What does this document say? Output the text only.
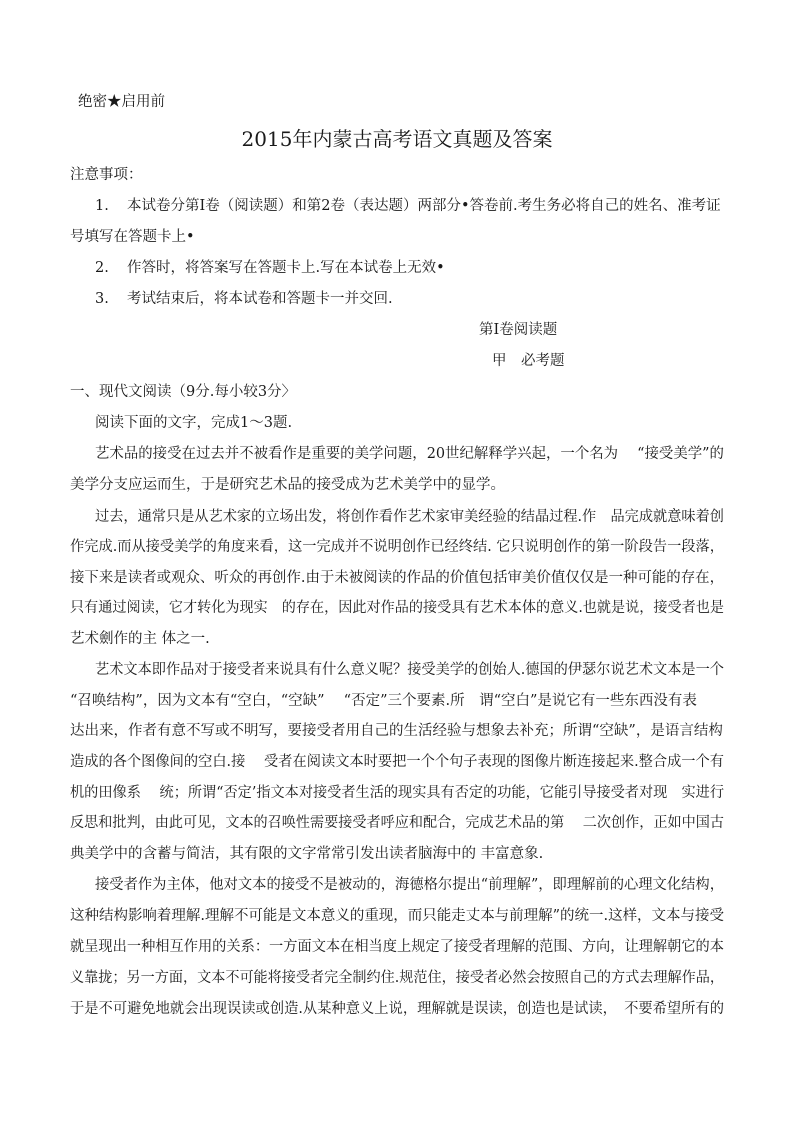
绝密★启用前
2015年内蒙古高考语文真题及答案
注意事项：
1. 本试卷分第Ⅰ卷（阅读题）和第2卷（表达题）两部分•答卷前.考生务必将自己的姓名、准考证
号填写在答题卡上•
2. 作答时，将答案写在答题卡上.写在本试卷上无效•
3. 考试结束后，将本试卷和答题卡一并交回.
第Ⅰ卷阅读题
甲　必考题
一、现代文阅读（9分.每小较3分〉
阅读下面的文字，完成1～3题.
艺术品的接受在过去并不被看作是重要的美学问题，20世纪解释学兴起，一个名为　 “接受美学”的
美学分支应运而生，于是研究艺术品的接受成为艺术美学中的显学。
过去，通常只是从艺术家的立场出发，将创作看作艺术家审美经验的结晶过程.作　品完成就意味着创
作完成.而从接受美学的角度来看，这一完成并不说明创作已经终结. 它只说明创作的第一阶段告一段落，
接下来是读者或观众、听众的再创作.由于未被阅读的作品的价值包括审美价值仅仅是一种可能的存在，
只有通过阅读，它才转化为现实　的存在，因此对作品的接受具有艺术本体的意义.也就是说，接受者也是
艺术劍作的主 体之一.
艺术文本即作品对于接受者来说具有什么意义呢？接受美学的创始人.德国的伊瑟尔说艺术文本是一个
“召唤结构”，因为文本有“空白，“空缺”　 “否定”三个要素.所　谓“空白”是说它有一些东西没有表
达出来，作者有意不写或不明写，要接受者用自己的生活经验与想象去补充；所谓“空缺”，是语言结构
造成的各个图像间的空白.接　 受者在阅读文本时要把一个个句子表现的图像片断连接起来.整合成一个有
机的田像系　 统；所谓“否定’指文本对接受者生活的现实具有否定的功能，它能引导接受者对现　实进行
反思和批判，由此可见，文本的召唤性需要接受者呼应和配合，完成艺术品的第　 二次创作，正如中国古
典美学中的含蓄与简洁，其有限的文字常常引发出读者脑海中的 丰富意象.
接受者作为主体，他对文本的接受不是被动的，海德格尔提出“前理解”，即理解前的心理文化结构，
这种结构影响着理解.理解不可能是文本意义的重现，而只能走丈本与前理解”的统一.这样，文本与接受
就呈现出一种相互作用的关系：一方面文本在相当度上规定了接受者理解的范围、方向，让理解朝它的本
义靠拢；另一方面，文本不可能将接受者完全制约住.规范住，接受者必然会按照自己的方式去理解作品，
于是不可避免地就会出现误读或创造.从某种意义上说，理解就是误读，创造也是试读，　不要希望所有的
